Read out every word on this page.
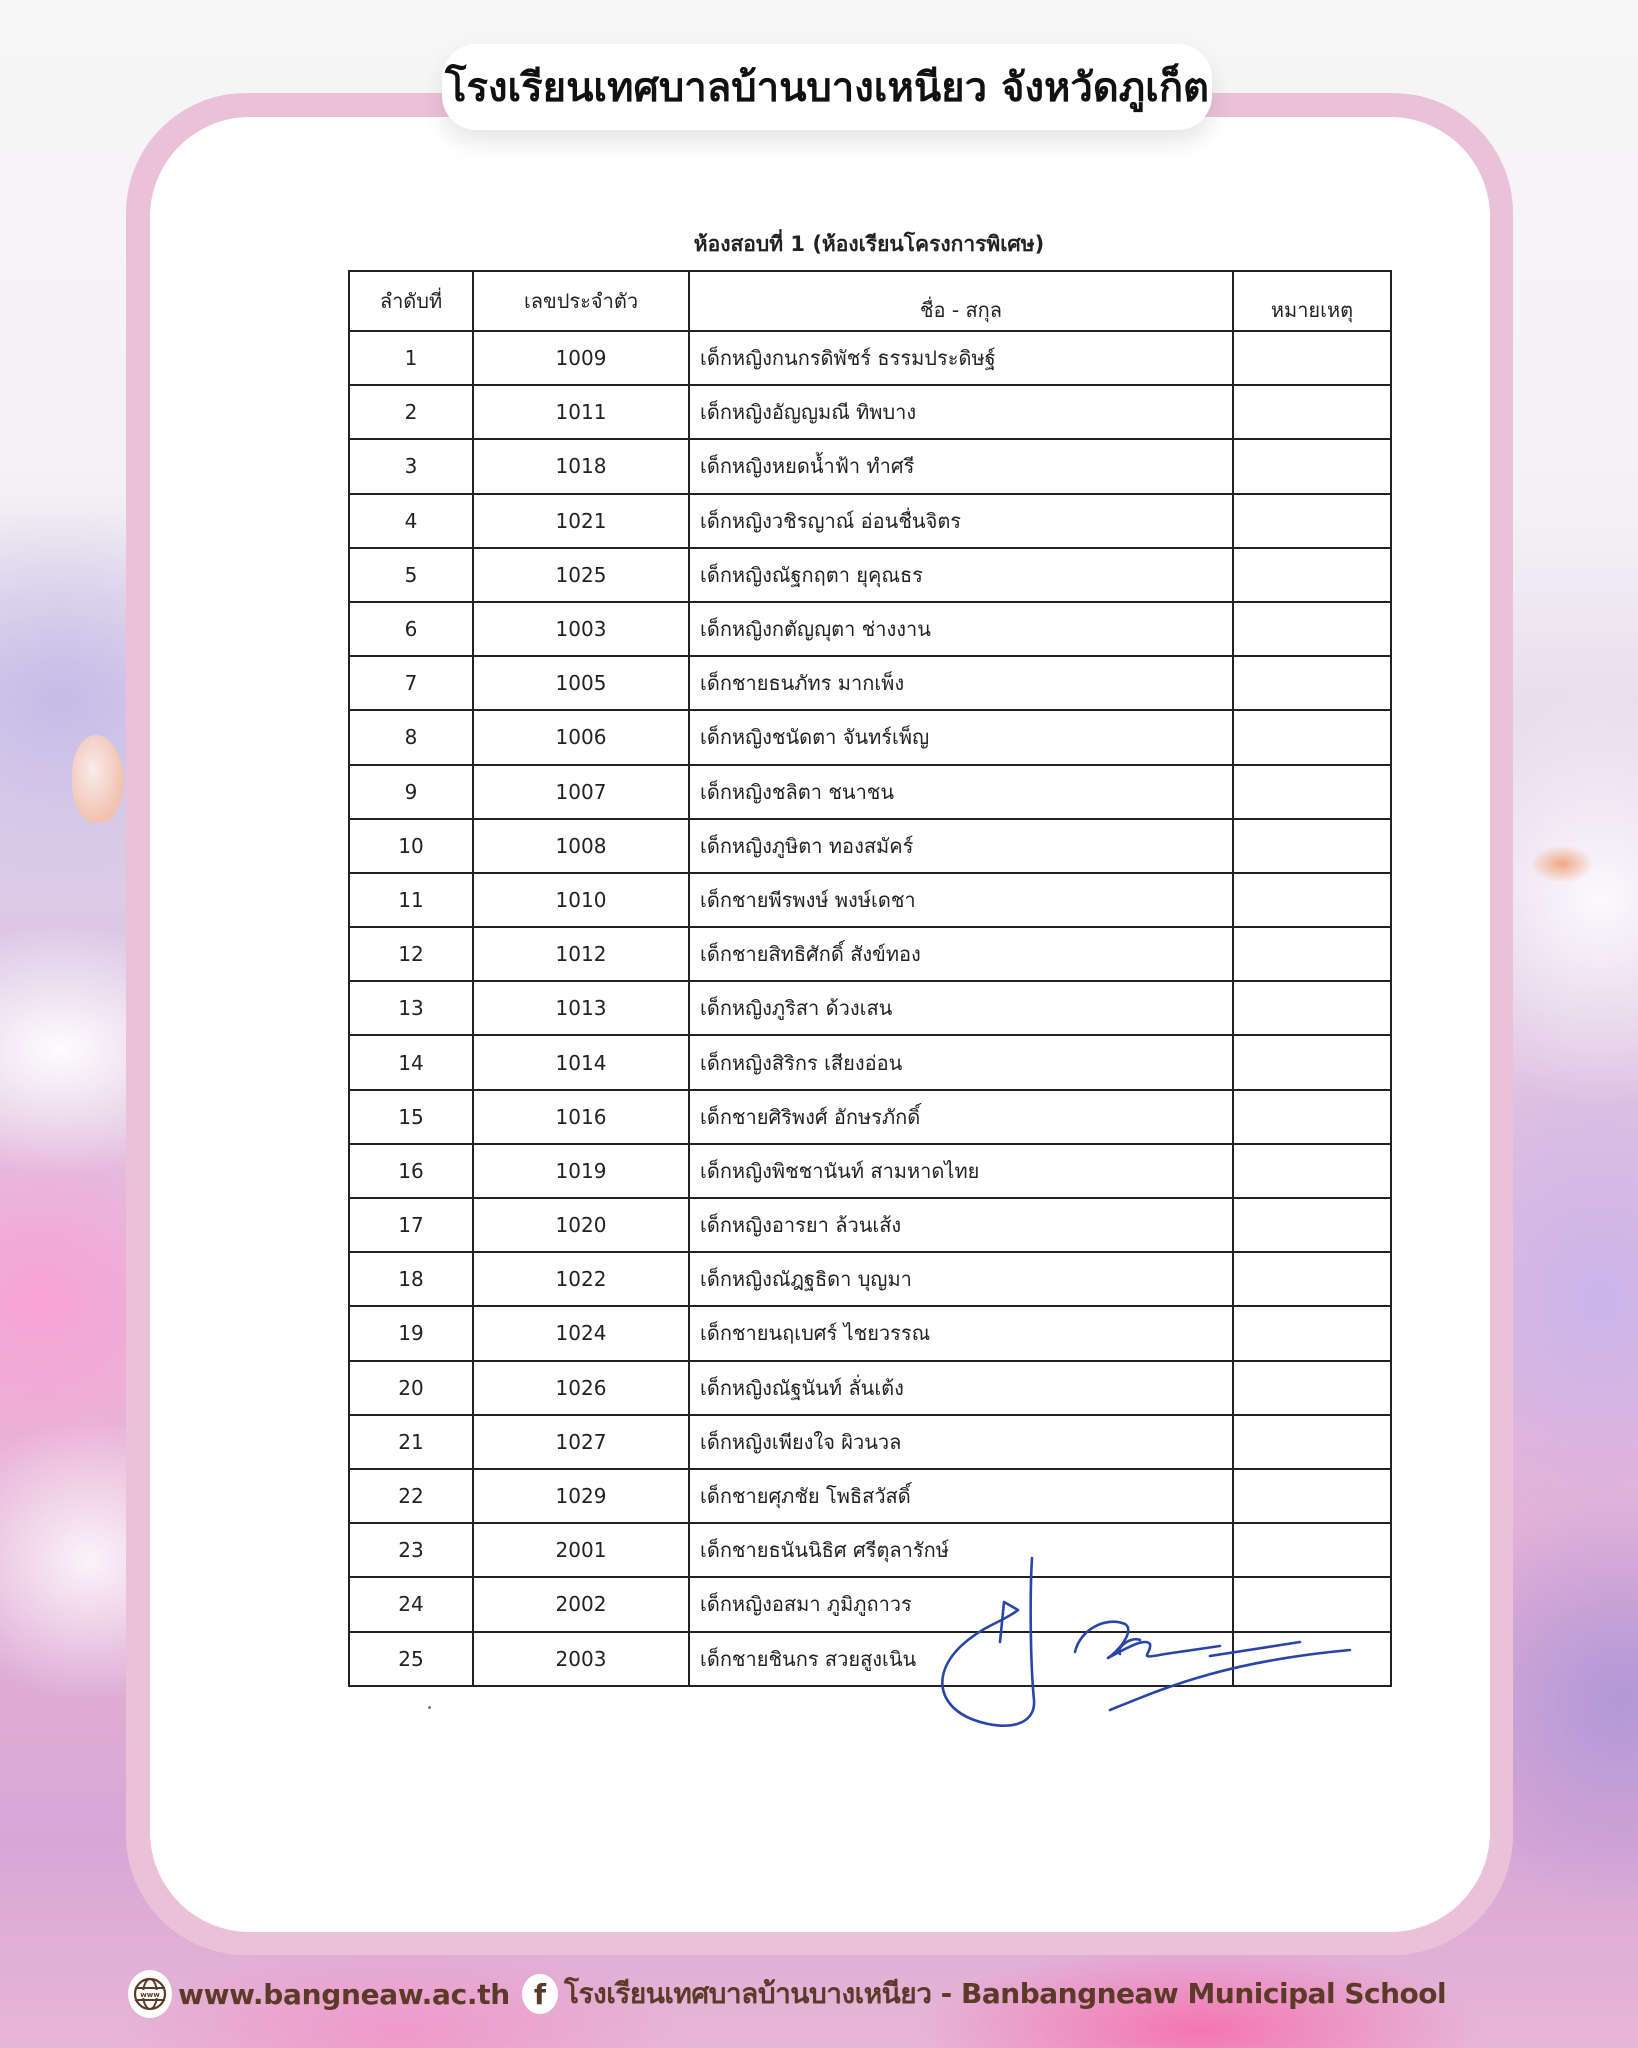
โรงเรียนเทศบาลบ้านบางเหนียว จังหวัดภูเก็ต
ห้องสอบที่ 1 (ห้องเรียนโครงการพิเศษ)
ลำดับที่	เลขประจำตัว	ชื่อ - สกุล	หมายเหตุ
1	1009	เด็กหญิงกนกรดิพัชร์ ธรรมประดิษฐ์	
2	1011	เด็กหญิงอัญญมณี ทิพบาง	
3	1018	เด็กหญิงหยดน้ำฟ้า ทำศรี	
4	1021	เด็กหญิงวชิรญาณ์ อ่อนชื่นจิตร	
5	1025	เด็กหญิงณัฐกฤตา ยุคุณธร	
6	1003	เด็กหญิงกตัญญุตา ช่างงาน	
7	1005	เด็กชายธนภัทร มากเพ็ง	
8	1006	เด็กหญิงชนัดตา จันทร์เพ็ญ	
9	1007	เด็กหญิงชลิตา ชนาชน	
10	1008	เด็กหญิงภูษิตา ทองสมัคร์	
11	1010	เด็กชายพีรพงษ์ พงษ์เดชา	
12	1012	เด็กชายสิทธิศักดิ์ สังข์ทอง	
13	1013	เด็กหญิงภูริสา ด้วงเสน	
14	1014	เด็กหญิงสิริกร เสียงอ่อน	
15	1016	เด็กชายศิริพงศ์ อักษรภักดิ์	
16	1019	เด็กหญิงพิชชานันท์ สามหาดไทย	
17	1020	เด็กหญิงอารยา ล้วนเส้ง	
18	1022	เด็กหญิงณัฎฐธิดา บุญมา	
19	1024	เด็กชายนฤเบศร์ ไชยวรรณ	
20	1026	เด็กหญิงณัฐนันท์ ลั่นเต้ง	
21	1027	เด็กหญิงเพียงใจ ผิวนวล	
22	1029	เด็กชายศุภชัย โพธิสวัสดิ์	
23	2001	เด็กชายธนันนิธิศ ศรีตุลารักษ์	
24	2002	เด็กหญิงอสมา ภูมิภูถาวร	
25	2003	เด็กชายชินกร สวยสูงเนิน	
www www.bangneaw.ac.th f โรงเรียนเทศบาลบ้านบางเหนียว - Banbangneaw Municipal School
